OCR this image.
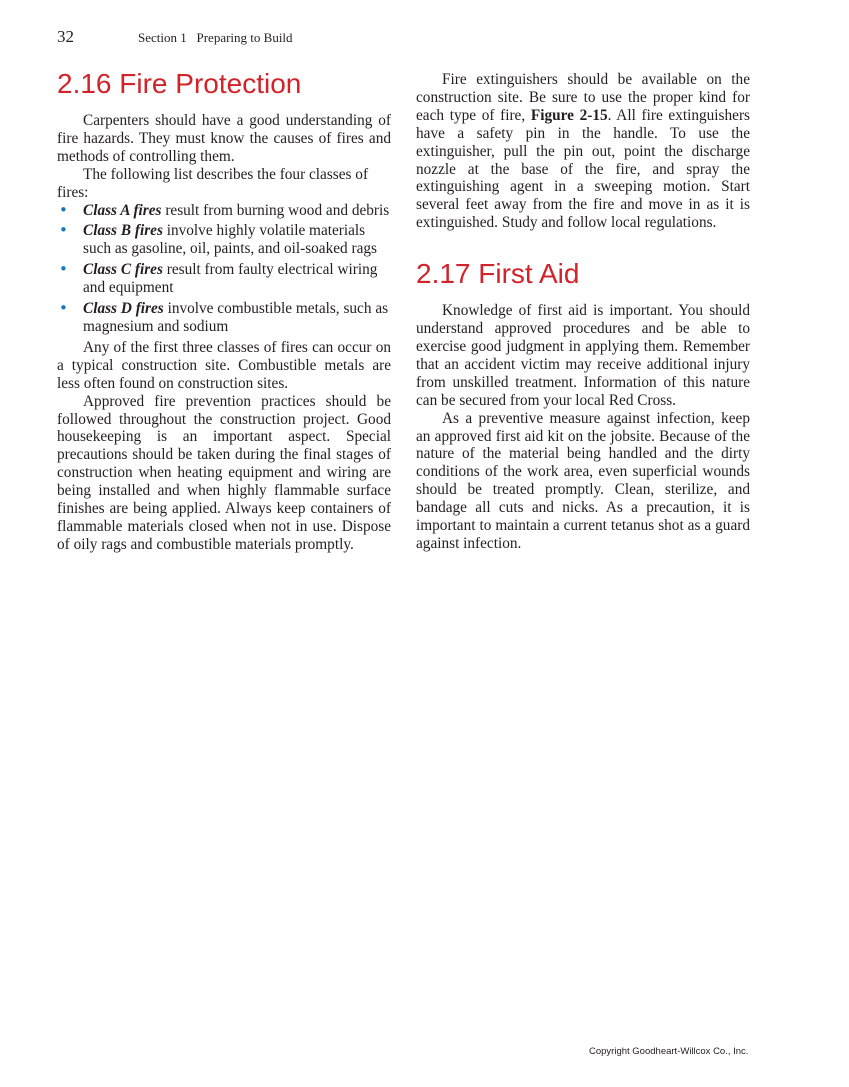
32	Section 1   Preparing to Build
2.16 Fire Protection

Carpenters should have a good understanding of fire hazards. They must know the causes of fires and methods of controlling them.

The following list describes the four classes of fires:

• Class A fires result from burning wood and debris
• Class B fires involve highly volatile materials such as gasoline, oil, paints, and oil-soaked rags
• Class C fires result from faulty electrical wiring and equipment
• Class D fires involve combustible metals, such as magnesium and sodium

Any of the first three classes of fires can occur on a typical construction site. Combustible metals are less often found on construction sites.

Approved fire prevention practices should be followed throughout the construction project. Good housekeeping is an important aspect. Special precautions should be taken during the final stages of construction when heating equipment and wiring are being installed and when highly flammable surface finishes are being applied. Always keep containers of flammable materials closed when not in use. Dispose of oily rags and combustible materials promptly.

Fire extinguishers should be available on the construction site. Be sure to use the proper kind for each type of fire, Figure 2-15. All fire extinguishers have a safety pin in the handle. To use the extinguisher, pull the pin out, point the discharge nozzle at the base of the fire, and spray the extinguishing agent in a sweeping motion. Start several feet away from the fire and move in as it is extinguished. Study and follow local regulations.

2.17 First Aid

Knowledge of first aid is important. You should understand approved procedures and be able to exercise good judgment in applying them. Remember that an accident victim may receive additional injury from unskilled treatment. Information of this nature can be secured from your local Red Cross.

As a preventive measure against infection, keep an approved first aid kit on the jobsite. Because of the nature of the material being handled and the dirty conditions of the work area, even superficial wounds should be treated promptly. Clean, sterilize, and bandage all cuts and nicks. As a precaution, it is important to maintain a current tetanus shot as a guard against infection.

Copyright Goodheart-Willcox Co., Inc.
